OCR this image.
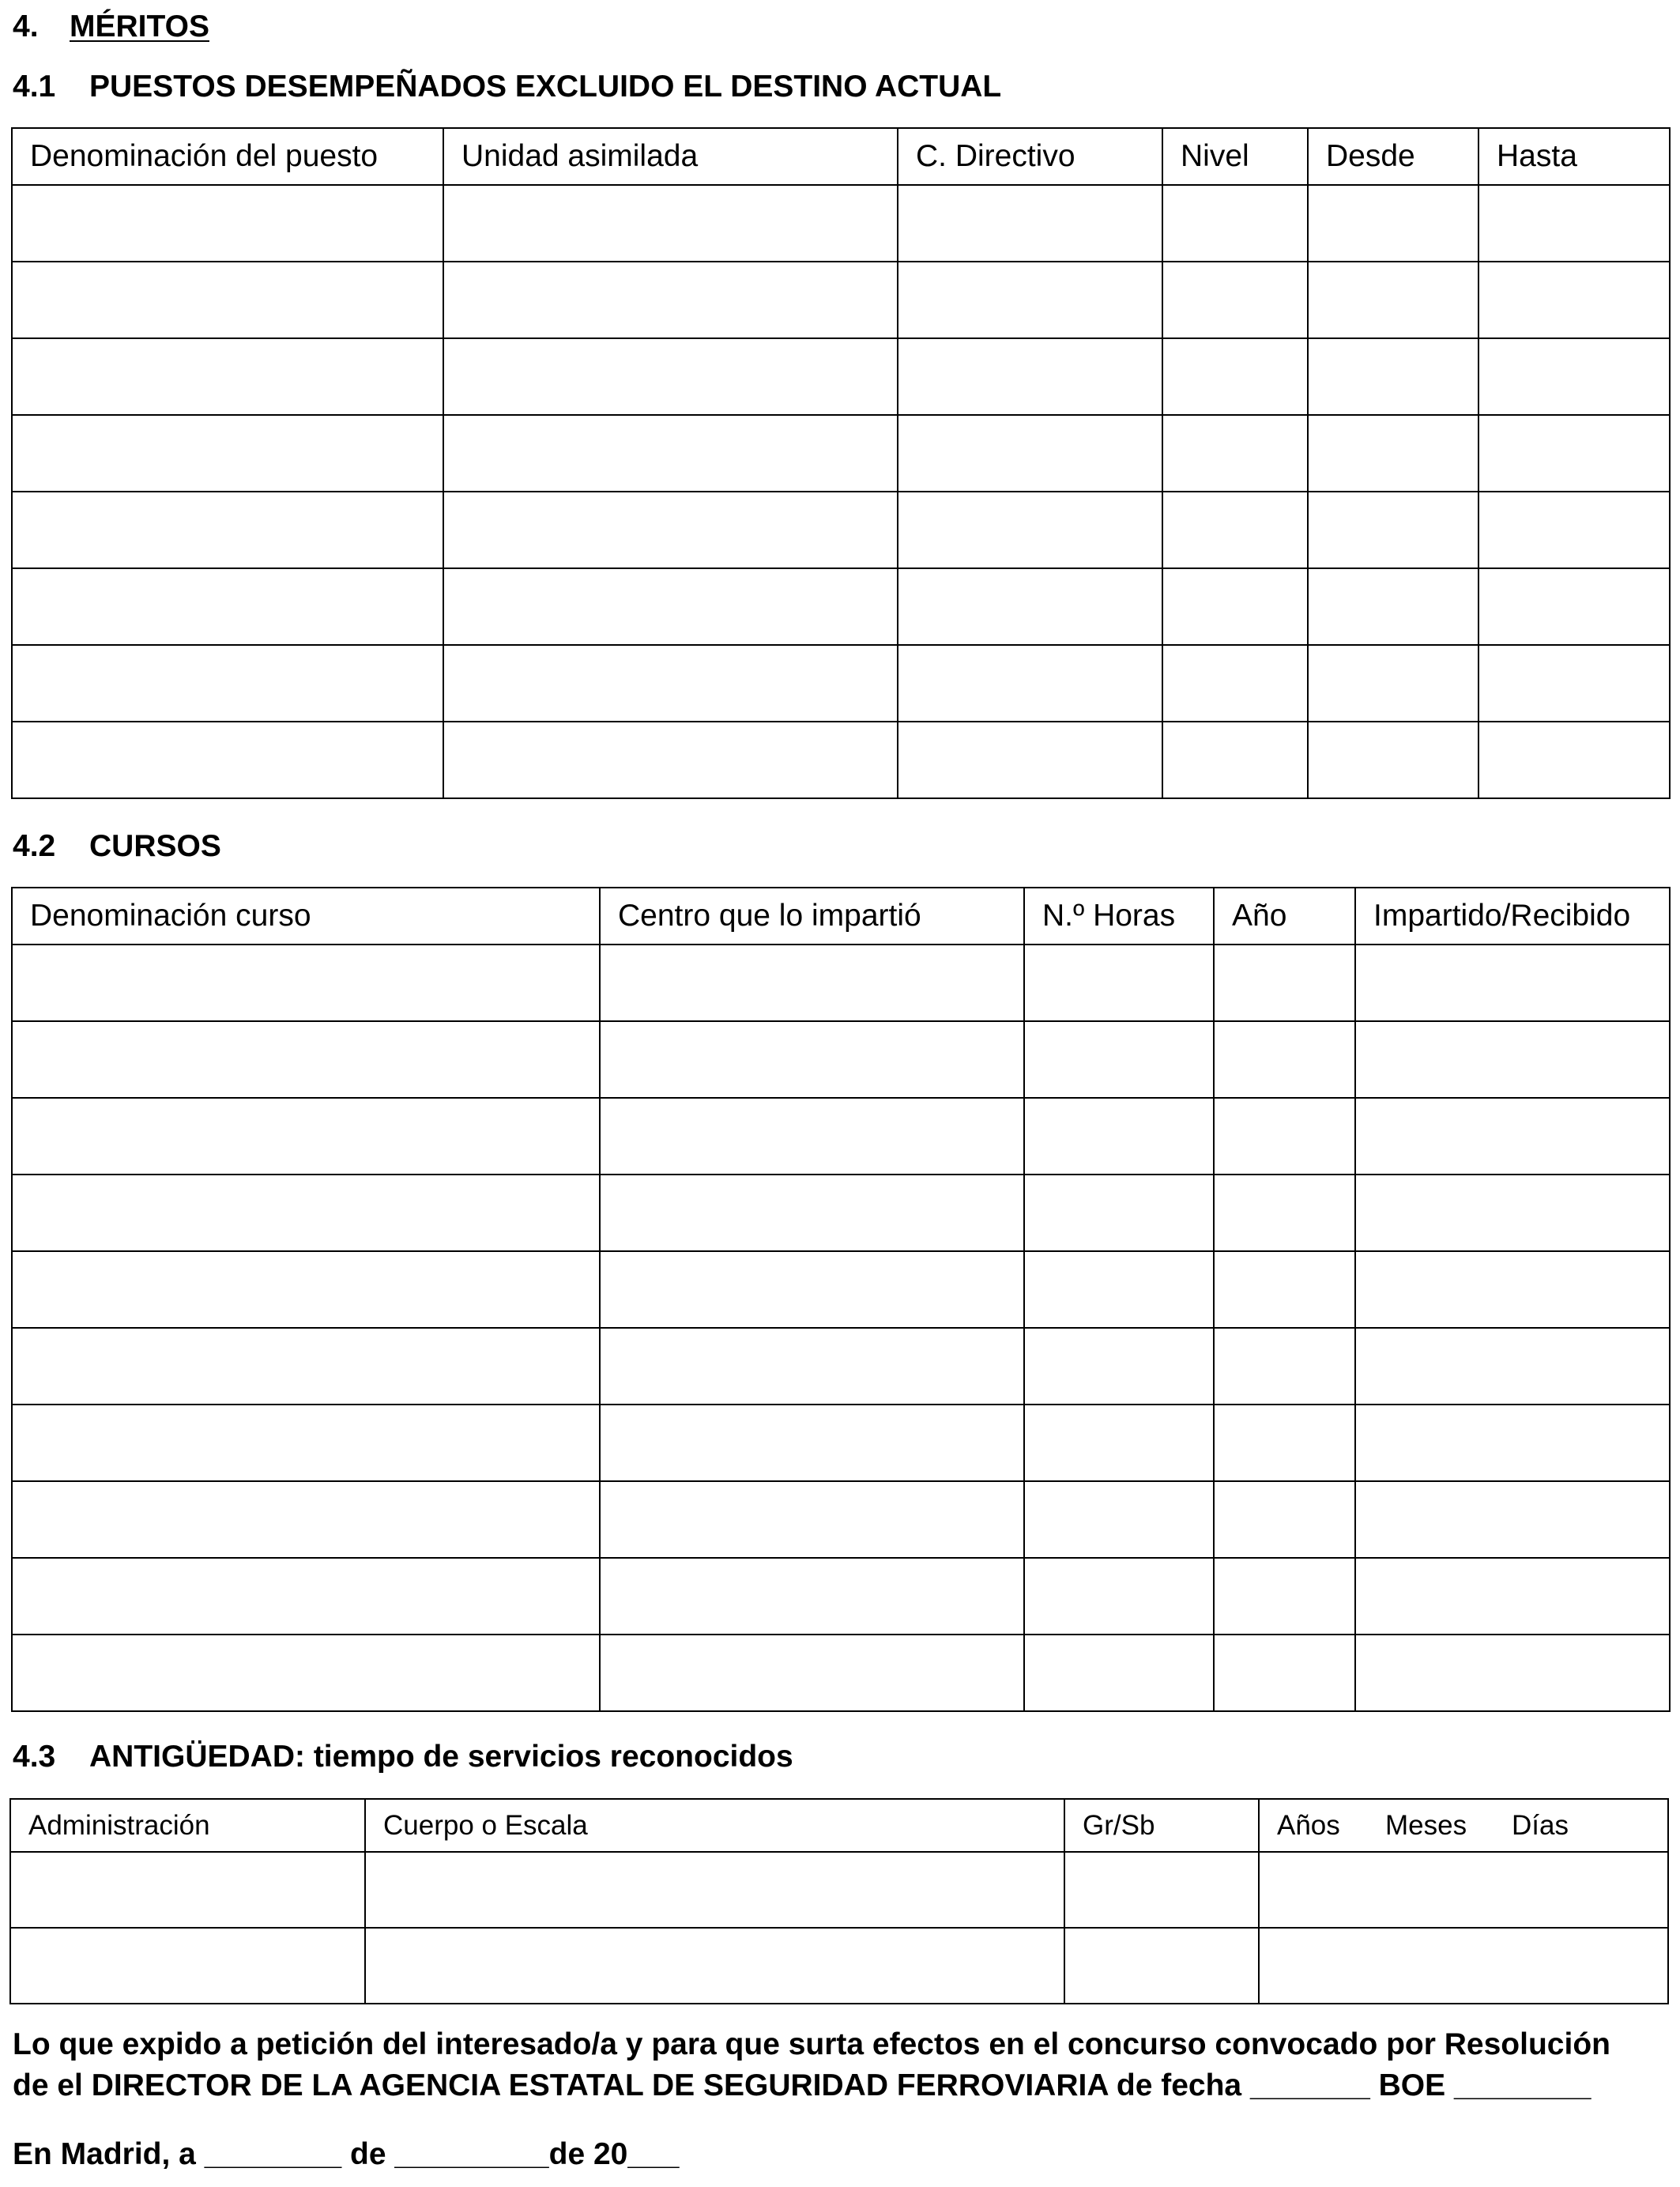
4. MÉRITOS
4.1 PUESTOS DESEMPEÑADOS EXCLUIDO EL DESTINO ACTUAL
Denominación del puesto	Unidad asimilada	C. Directivo	Nivel	Desde	Hasta

4.2 CURSOS
Denominación curso	Centro que lo impartió	N.º Horas	Año	Impartido/Recibido

4.3 ANTIGÜEDAD: tiempo de servicios reconocidos
Administración	Cuerpo o Escala	Gr/Sb	Años Meses Días

Lo que expido a petición del interesado/a y para que surta efectos en el concurso convocado por Resolución
de el DIRECTOR DE LA AGENCIA ESTATAL DE SEGURIDAD FERROVIARIA de fecha _______ BOE ________
En Madrid, a ________ de _________de 20___
